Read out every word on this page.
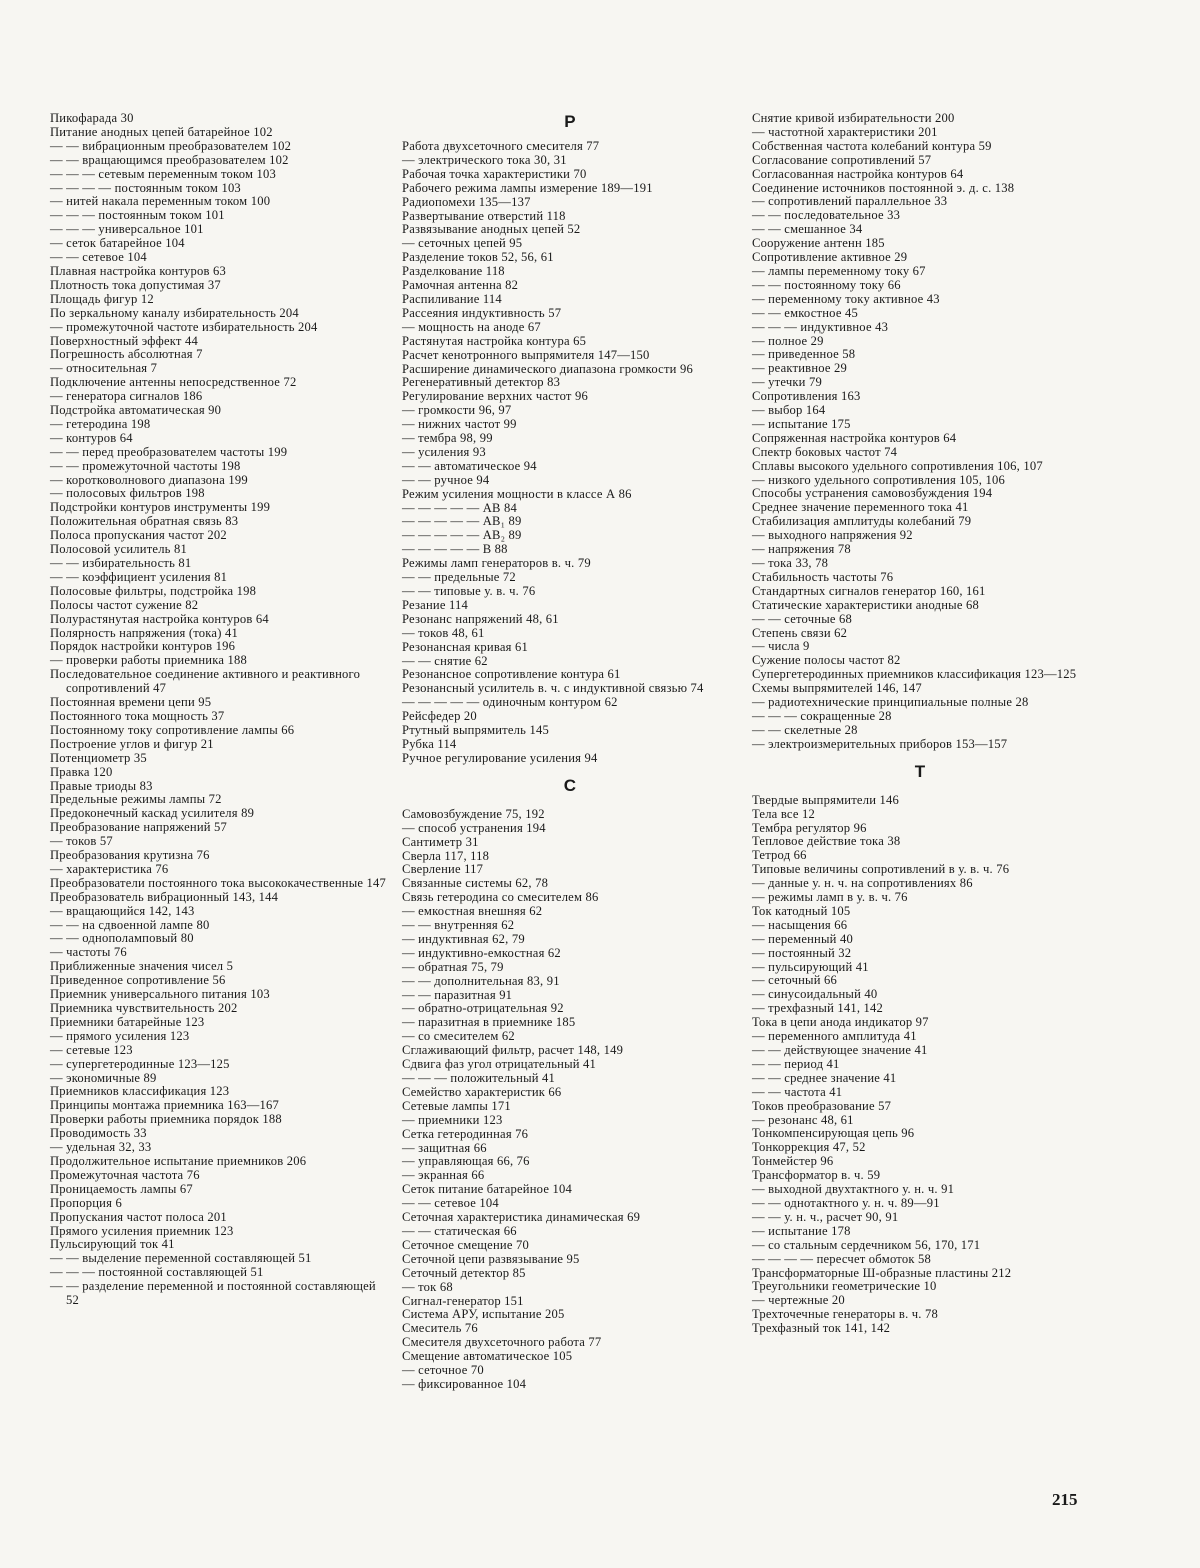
Пикофарада 30
Питание анодных цепей батарейное 102
— — вибрационным преобразователем 102
— — вращающимся преобразователем 102
— — — сетевым переменным током 103
— — — — постоянным током 103
— нитей накала переменным током 100
— — — постоянным током 101
— — — универсальное 101
— сеток батарейное 104
— — сетевое 104
Плавная настройка контуров 63
Плотность тока допустимая 37
Площадь фигур 12
По зеркальному каналу избирательность 204
— промежуточной частоте избирательность 204
Поверхностный эффект 44
Погрешность абсолютная 7
— относительная 7
Подключение антенны непосредственное 72
— генератора сигналов 186
Подстройка автоматическая 90
— гетеродина 198
— контуров 64
— — перед преобразователем частоты 199
— — промежуточной частоты 198
— коротковолнового диапазона 199
— полосовых фильтров 198
Подстройки контуров инструменты 199
Положительная обратная связь 83
Полоса пропускания частот 202
Полосовой усилитель 81
— — избирательность 81
— — коэффициент усиления 81
Полосовые фильтры, подстройка 198
Полосы частот сужение 82
Полурастянутая настройка контуров 64
Полярность напряжения (тока) 41
Порядок настройки контуров 196
— проверки работы приемника 188
Последовательное соединение активного и реактивного сопротивлений 47
Постоянная времени цепи 95
Постоянного тока мощность 37
Постоянному току сопротивление лампы 66
Построение углов и фигур 21
Потенциометр 35
Правка 120
Правые триоды 83
Предельные режимы лампы 72
Предоконечный каскад усилителя 89
Преобразование напряжений 57
— токов 57
Преобразования крутизна 76
— характеристика 76
Преобразователи постоянного тока высококачественные 147
Преобразователь вибрационный 143, 144
— вращающийся 142, 143
— — на сдвоенной лампе 80
— — однополамповый 80
— частоты 76
Приближенные значения чисел 5
Приведенное сопротивление 56
Приемник универсального питания 103
Приемника чувствительность 202
Приемники батарейные 123
— прямого усиления 123
— сетевые 123
— супергетеродинные 123—125
— экономичные 89
Приемников классификация 123
Принципы монтажа приемника 163—167
Проверки работы приемника порядок 188
Проводимость 33
— удельная 32, 33
Продолжительное испытание приемников 206
Промежуточная частота 76
Проницаемость лампы 67
Пропорция 6
Пропускания частот полоса 201
Прямого усиления приемник 123
Пульсирующий ток 41
— — выделение переменной составляющей 51
— — — постоянной составляющей 51
— — разделение переменной и постоянной составляющей 52
Р
Работа двухсеточного смесителя 77
— электрического тока 30, 31
Рабочая точка характеристики 70
Рабочего режима лампы измерение 189—191
Радиопомехи 135—137
Развертывание отверстий 118
Развязывание анодных цепей 52
— сеточных цепей 95
Разделение токов 52, 56, 61
Разделкование 118
Рамочная антенна 82
Распиливание 114
Рассеяния индуктивность 57
— мощность на аноде 67
Растянутая настройка контура 65
Расчет кенотронного выпрямителя 147—150
Расширение динамического диапазона громкости 96
Регенеративный детектор 83
Регулирование верхних частот 96
— громкости 96, 97
— нижних частот 99
— тембра 98, 99
— усиления 93
— — автоматическое 94
— — ручное 94
Режим усиления мощности в классе А 86
— — — — — АВ 84
— — — — — АВ₁ 89
— — — — — АВ₂ 89
— — — — — В 88
Режимы ламп генераторов в. ч. 79
— — предельные 72
— — типовые у. в. ч. 76
Резание 114
Резонанс напряжений 48, 61
— токов 48, 61
Резонансная кривая 61
— — снятие 62
Резонансное сопротивление контура 61
Резонансный усилитель в. ч. с индуктивной связью 74
— — — — — одиночным контуром 62
Рейсфедер 20
Ртутный выпрямитель 145
Рубка 114
Ручное регулирование усиления 94
С
Самовозбуждение 75, 192
— способ устранения 194
Сантиметр 31
Сверла 117, 118
Сверление 117
Связанные системы 62, 78
Связь гетеродина со смесителем 86
— емкостная внешняя 62
— — внутренняя 62
— индуктивная 62, 79
— индуктивно-емкостная 62
— обратная 75, 79
— — дополнительная 83, 91
— — паразитная 91
— обратно-отрицательная 92
— паразитная в приемнике 185
— со смесителем 62
Сглаживающий фильтр, расчет 148, 149
Сдвига фаз угол отрицательный 41
— — — положительный 41
Семейство характеристик 66
Сетевые лампы 171
— приемники 123
Сетка гетеродинная 76
— защитная 66
— управляющая 66, 76
— экранная 66
Сеток питание батарейное 104
— — сетевое 104
Сеточная характеристика динамическая 69
— — статическая 66
Сеточное смещение 70
Сеточной цепи развязывание 95
Сеточный детектор 85
— ток 68
Сигнал-генератор 151
Система АРУ, испытание 205
Смеситель 76
Смесителя двухсеточного работа 77
Смещение автоматическое 105
— сеточное 70
— фиксированное 104
Снятие кривой избирательности 200
— частотной характеристики 201
Собственная частота колебаний контура 59
Согласование сопротивлений 57
Согласованная настройка контуров 64
Соединение источников постоянной э. д. с. 138
— сопротивлений параллельное 33
— — последовательное 33
— — смешанное 34
Сооружение антенн 185
Сопротивление активное 29
— лампы переменному току 67
— — постоянному току 66
— переменному току активное 43
— — емкостное 45
— — — индуктивное 43
— полное 29
— приведенное 58
— реактивное 29
— утечки 79
Сопротивления 163
— выбор 164
— испытание 175
Сопряженная настройка контуров 64
Спектр боковых частот 74
Сплавы высокого удельного сопротивления 106, 107
— низкого удельного сопротивления 105, 106
Способы устранения самовозбуждения 194
Среднее значение переменного тока 41
Стабилизация амплитуды колебаний 79
— выходного напряжения 92
— напряжения 78
— тока 33, 78
Стабильность частоты 76
Стандартных сигналов генератор 160, 161
Статические характеристики анодные 68
— — сеточные 68
Степень связи 62
— числа 9
Сужение полосы частот 82
Супергетеродинных приемников классификация 123—125
Схемы выпрямителей 146, 147
— радиотехнические принципиальные полные 28
— — — сокращенные 28
— — скелетные 28
— электроизмерительных приборов 153—157
Т
Твердые выпрямители 146
Тела все 12
Тембра регулятор 96
Тепловое действие тока 38
Тетрод 66
Типовые величины сопротивлений в у. в. ч. 76
— данные у. н. ч. на сопротивлениях 86
— режимы ламп в у. в. ч. 76
Ток катодный 105
— насыщения 66
— переменный 40
— постоянный 32
— пульсирующий 41
— сеточный 66
— синусоидальный 40
— трехфазный 141, 142
Тока в цепи анода индикатор 97
— переменного амплитуда 41
— — действующее значение 41
— — период 41
— — среднее значение 41
— — частота 41
Токов преобразование 57
— резонанс 48, 61
Тонкомпенсирующая цепь 96
Тонкоррекция 47, 52
Тонмейстер 96
Трансформатор в. ч. 59
— выходной двухтактного у. н. ч. 91
— — однотактного у. н. ч. 89—91
— — у. н. ч., расчет 90, 91
— испытание 178
— со стальным сердечником 56, 170, 171
— — — — пересчет обмоток 58
Трансформаторные Ш-образные пластины 212
Треугольники геометрические 10
— чертежные 20
Трехточечные генераторы в. ч. 78
Трехфазный ток 141, 142
215
